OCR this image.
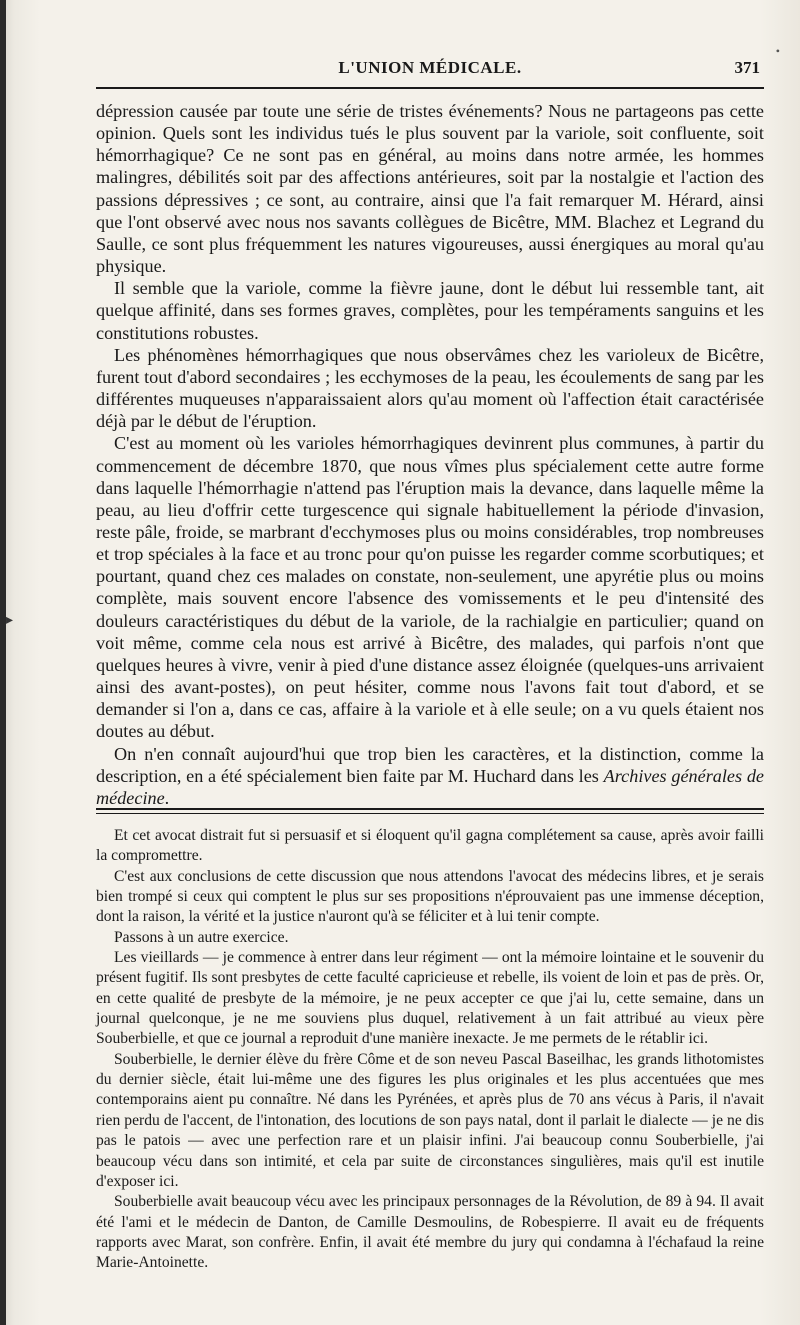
L'UNION MÉDICALE.	371

dépression causée par toute une série de tristes événements? Nous ne partageons pas cette opinion. Quels sont les individus tués le plus souvent par la variole, soit confluente, soit hémorrhagique? Ce ne sont pas en général, au moins dans notre armée, les hommes malingres, débilités soit par des affections antérieures, soit par la nostalgie et l'action des passions dépressives ; ce sont, au contraire, ainsi que l'a fait remarquer M. Hérard, ainsi que l'ont observé avec nous nos savants collègues de Bicêtre, MM. Blachez et Legrand du Saulle, ce sont plus fréquemment les natures vigoureuses, aussi énergiques au moral qu'au physique.

Il semble que la variole, comme la fièvre jaune, dont le début lui ressemble tant, ait quelque affinité, dans ses formes graves, complètes, pour les tempéraments sanguins et les constitutions robustes.

Les phénomènes hémorrhagiques que nous observâmes chez les varioleux de Bicêtre, furent tout d'abord secondaires ; les ecchymoses de la peau, les écoulements de sang par les différentes muqueuses n'apparaissaient alors qu'au moment où l'affection était caractérisée déjà par le début de l'éruption.

C'est au moment où les varioles hémorrhagiques devinrent plus communes, à partir du commencement de décembre 1870, que nous vîmes plus spécialement cette autre forme dans laquelle l'hémorrhagie n'attend pas l'éruption mais la devance, dans laquelle même la peau, au lieu d'offrir cette turgescence qui signale habituellement la période d'invasion, reste pâle, froide, se marbrant d'ecchymoses plus ou moins considérables, trop nombreuses et trop spéciales à la face et au tronc pour qu'on puisse les regarder comme scorbutiques; et pourtant, quand chez ces malades on constate, non-seulement, une apyrétie plus ou moins complète, mais souvent encore l'absence des vomissements et le peu d'intensité des douleurs caractéristiques du début de la variole, de la rachialgie en particulier; quand on voit même, comme cela nous est arrivé à Bicêtre, des malades, qui parfois n'ont que quelques heures à vivre, venir à pied d'une distance assez éloignée (quelques-uns arrivaient ainsi des avant-postes), on peut hésiter, comme nous l'avons fait tout d'abord, et se demander si l'on a, dans ce cas, affaire à la variole et à elle seule; on a vu quels étaient nos doutes au début.

On n'en connaît aujourd'hui que trop bien les caractères, et la distinction, comme la description, en a été spécialement bien faite par M. Huchard dans les Archives générales de médecine.

Et cet avocat distrait fut si persuasif et si éloquent qu'il gagna complétement sa cause, après avoir failli la compromettre.

C'est aux conclusions de cette discussion que nous attendons l'avocat des médecins libres, et je serais bien trompé si ceux qui comptent le plus sur ses propositions n'éprouvaient pas une immense déception, dont la raison, la vérité et la justice n'auront qu'à se féliciter et à lui tenir compte.

Passons à un autre exercice.

Les vieillards — je commence à entrer dans leur régiment — ont la mémoire lointaine et le souvenir du présent fugitif. Ils sont presbytes de cette faculté capricieuse et rebelle, ils voient de loin et pas de près. Or, en cette qualité de presbyte de la mémoire, je ne peux accepter ce que j'ai lu, cette semaine, dans un journal quelconque, je ne me souviens plus duquel, relativement à un fait attribué au vieux père Souberbielle, et que ce journal a reproduit d'une manière inexacte. Je me permets de le rétablir ici.

Souberbielle, le dernier élève du frère Côme et de son neveu Pascal Baseilhac, les grands lithotomistes du dernier siècle, était lui-même une des figures les plus originales et les plus accentuées que mes contemporains aient pu connaître. Né dans les Pyrénées, et après plus de 70 ans vécus à Paris, il n'avait rien perdu de l'accent, de l'intonation, des locutions de son pays natal, dont il parlait le dialecte — je ne dis pas le patois — avec une perfection rare et un plaisir infini. J'ai beaucoup connu Souberbielle, j'ai beaucoup vécu dans son intimité, et cela par suite de circonstances singulières, mais qu'il est inutile d'exposer ici.

Souberbielle avait beaucoup vécu avec les principaux personnages de la Révolution, de 89 à 94. Il avait été l'ami et le médecin de Danton, de Camille Desmoulins, de Robespierre. Il avait eu de fréquents rapports avec Marat, son confrère. Enfin, il avait été membre du jury qui condamna à l'échafaud la reine Marie-Antoinette.

▸
•
